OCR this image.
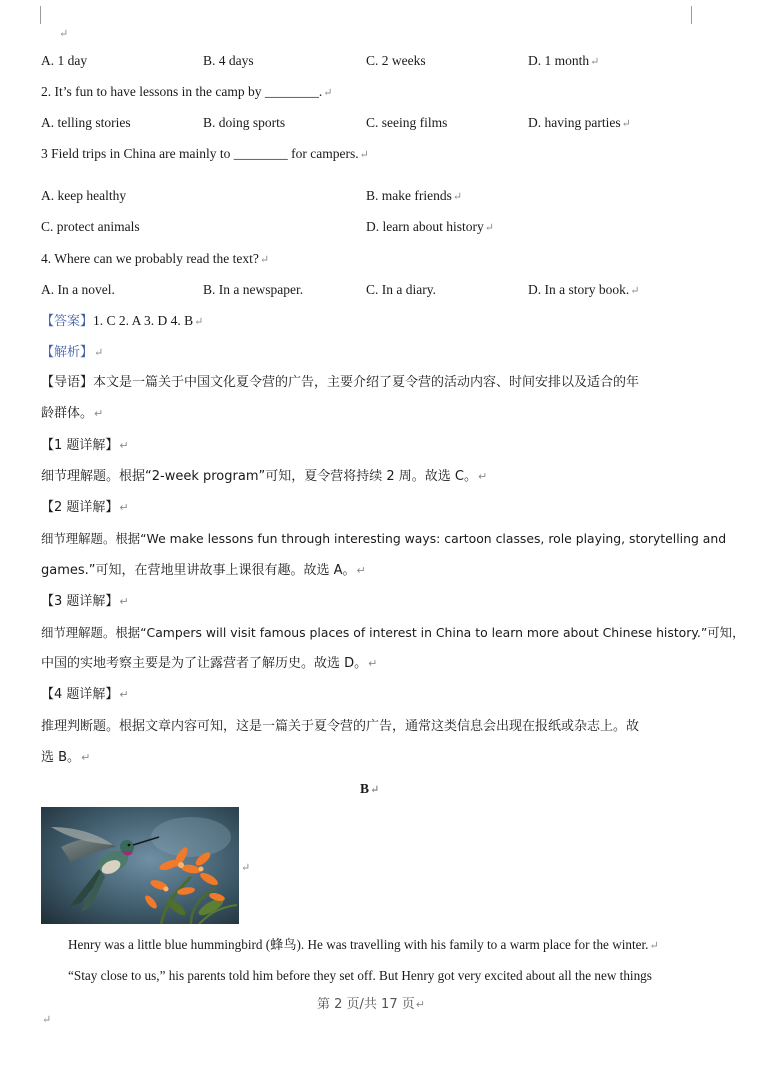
↵
A. 1 day	B. 4 days	C. 2 weeks	D. 1 month↵
2. It’s fun to have lessons in the camp by ________.↵
A. telling stories	B. doing sports	C. seeing films	D. having parties↵
3 Field trips in China are mainly to ________ for campers.↵
A. keep healthy	B. make friends↵
C. protect animals	D. learn about history↵
4. Where can we probably read the text?↵
A. In a novel.	B. In a newspaper.	C. In a diary.	D. In a story book.↵
【答案】1. C 2. A 3. D 4. B↵
【解析】↵
【导语】本文是一篇关于中国文化夏令营的广告，主要介绍了夏令营的活动内容、时间安排以及适合的年
龄群体。↵
【1 题详解】↵
细节理解题。根据“2-week program”可知，夏令营将持续 2 周。故选 C。↵
【2 题详解】↵
细节理解题。根据“We make lessons fun through interesting ways: cartoon classes, role playing, storytelling and
games.”可知，在营地里讲故事上课很有趣。故选 A。↵
【3 题详解】↵
细节理解题。根据“Campers will visit famous places of interest in China to learn more about Chinese history.”可知，
中国的实地考察主要是为了让露营者了解历史。故选 D。↵
【4 题详解】↵
推理判断题。根据文章内容可知，这是一篇关于夏令营的广告，通常这类信息会出现在报纸或杂志上。故
选 B。↵
B↵
↵
Henry was a little blue hummingbird (蜂鸟). He was travelling with his family to a warm place for the winter.↵
“Stay close to us,” his parents told him before they set off. But Henry got very excited about all the new things
第 2 页/共 17 页↵
↵
